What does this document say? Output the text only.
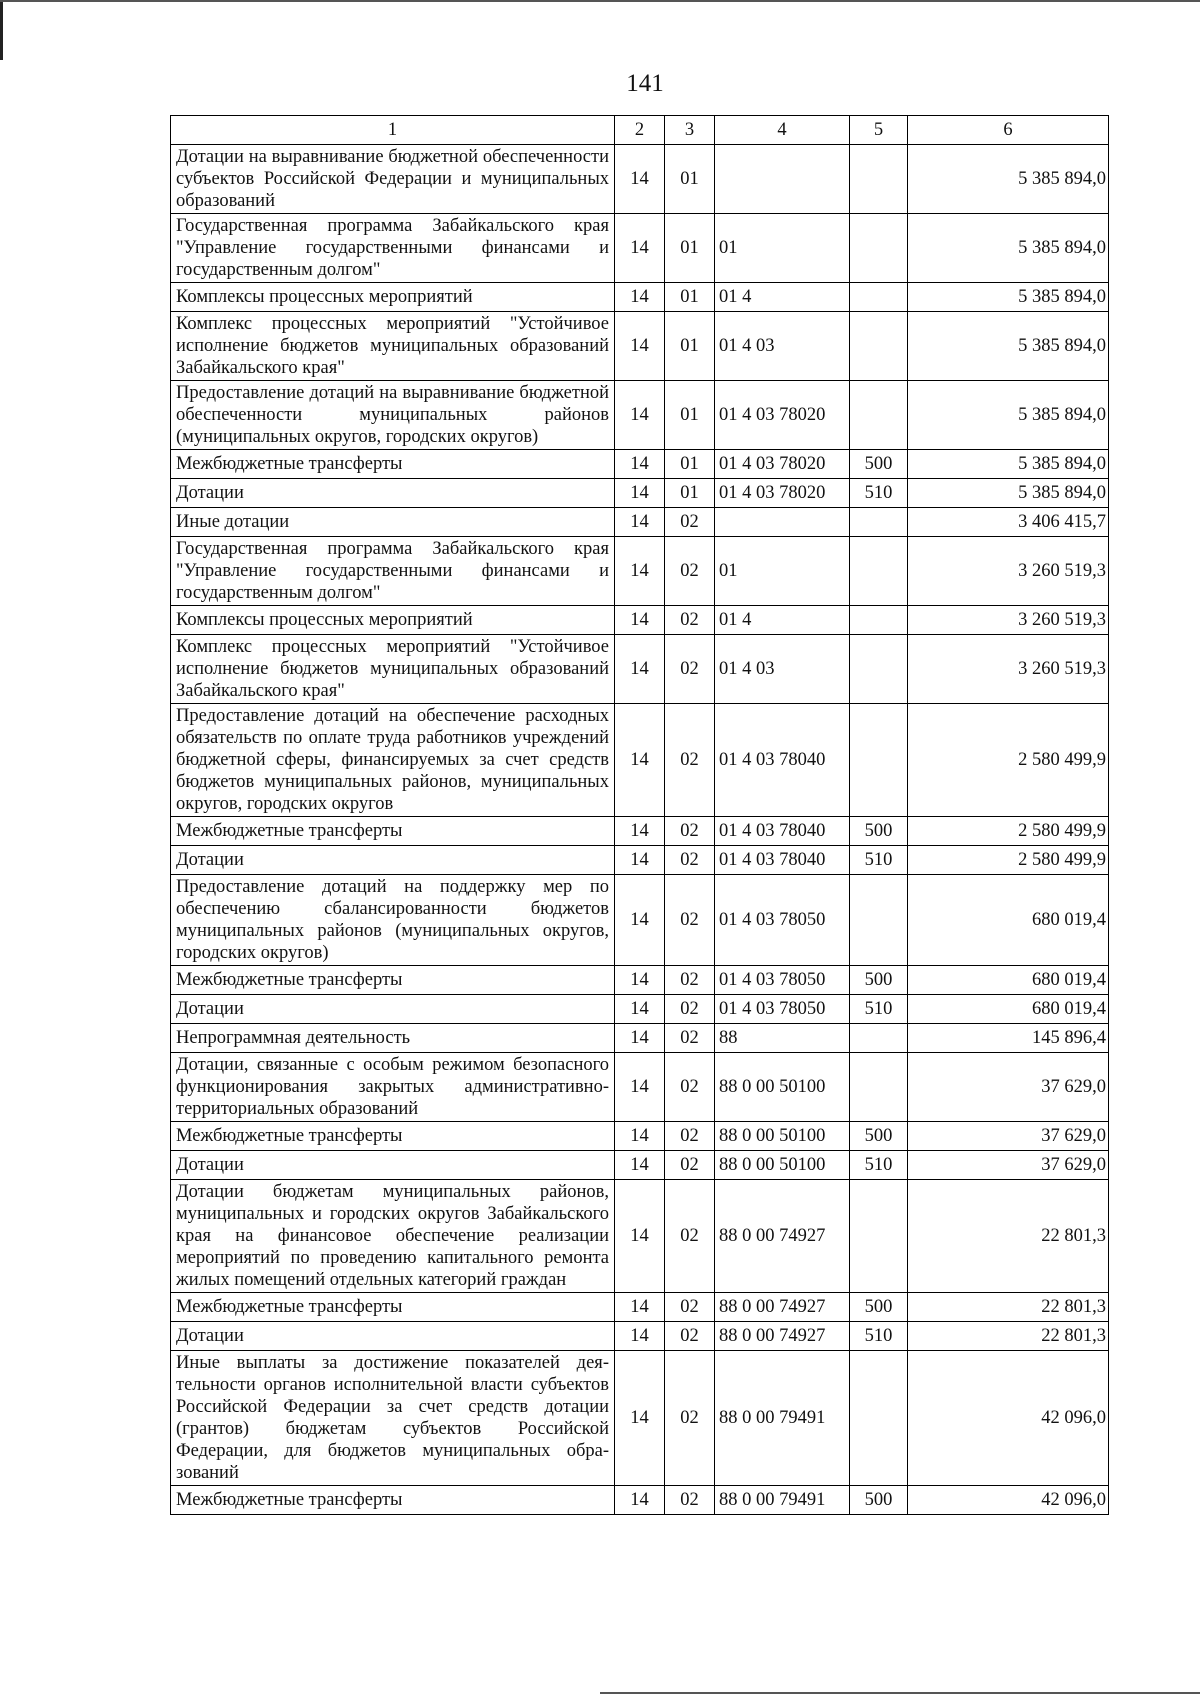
141
1	2	3	4	5	6
Дотации на выравнивание бюджетной обеспеченности субъектов Российской Федерации и муниципальных образований	14	01			5 385 894,0
Государственная программа Забайкальского края "Управление государственными финансами и государственным долгом"	14	01	01		5 385 894,0
Комплексы процессных мероприятий	14	01	01 4		5 385 894,0
Комплекс процессных мероприятий "Устойчивое исполнение бюджетов муниципальных образований Забайкальского края"	14	01	01 4 03		5 385 894,0
Предоставление дотаций на выравнивание бюджетной обеспеченности муниципальных районов (муниципальных округов, городских округов)	14	01	01 4 03 78020		5 385 894,0
Межбюджетные трансферты	14	01	01 4 03 78020	500	5 385 894,0
Дотации	14	01	01 4 03 78020	510	5 385 894,0
Иные дотации	14	02			3 406 415,7
Государственная программа Забайкальского края "Управление государственными финансами и государственным долгом"	14	02	01		3 260 519,3
Комплексы процессных мероприятий	14	02	01 4		3 260 519,3
Комплекс процессных мероприятий "Устойчивое исполнение бюджетов муниципальных образований Забайкальского края"	14	02	01 4 03		3 260 519,3
Предоставление дотаций на обеспечение расходных обязательств по оплате труда работников учреждений бюджетной сферы, финансируемых за счет средств бюджетов муниципальных районов, муниципальных округов, городских округов	14	02	01 4 03 78040		2 580 499,9
Межбюджетные трансферты	14	02	01 4 03 78040	500	2 580 499,9
Дотации	14	02	01 4 03 78040	510	2 580 499,9
Предоставление дотаций на поддержку мер по обеспечению сбалансированности бюджетов муниципальных районов (муниципальных округов, городских округов)	14	02	01 4 03 78050		680 019,4
Межбюджетные трансферты	14	02	01 4 03 78050	500	680 019,4
Дотации	14	02	01 4 03 78050	510	680 019,4
Непрограммная деятельность	14	02	88		145 896,4
Дотации, связанные с особым режимом безопасного функционирования закрытых административно-территориальных образований	14	02	88 0 00 50100		37 629,0
Межбюджетные трансферты	14	02	88 0 00 50100	500	37 629,0
Дотации	14	02	88 0 00 50100	510	37 629,0
Дотации бюджетам муниципальных районов, муниципальных и городских округов Забайкальского края на финансовое обеспечение реализации мероприятий по проведению капитального ремонта жилых помещений отдельных категорий граждан	14	02	88 0 00 74927		22 801,3
Межбюджетные трансферты	14	02	88 0 00 74927	500	22 801,3
Дотации	14	02	88 0 00 74927	510	22 801,3
Иные выплаты за достижение показателей деятельности органов исполнительной власти субъектов Российской Федерации за счет средств дотации (грантов) бюджетам субъектов Российской Федерации, для бюджетов муниципальных образований	14	02	88 0 00 79491		42 096,0
Межбюджетные трансферты	14	02	88 0 00 79491	500	42 096,0
